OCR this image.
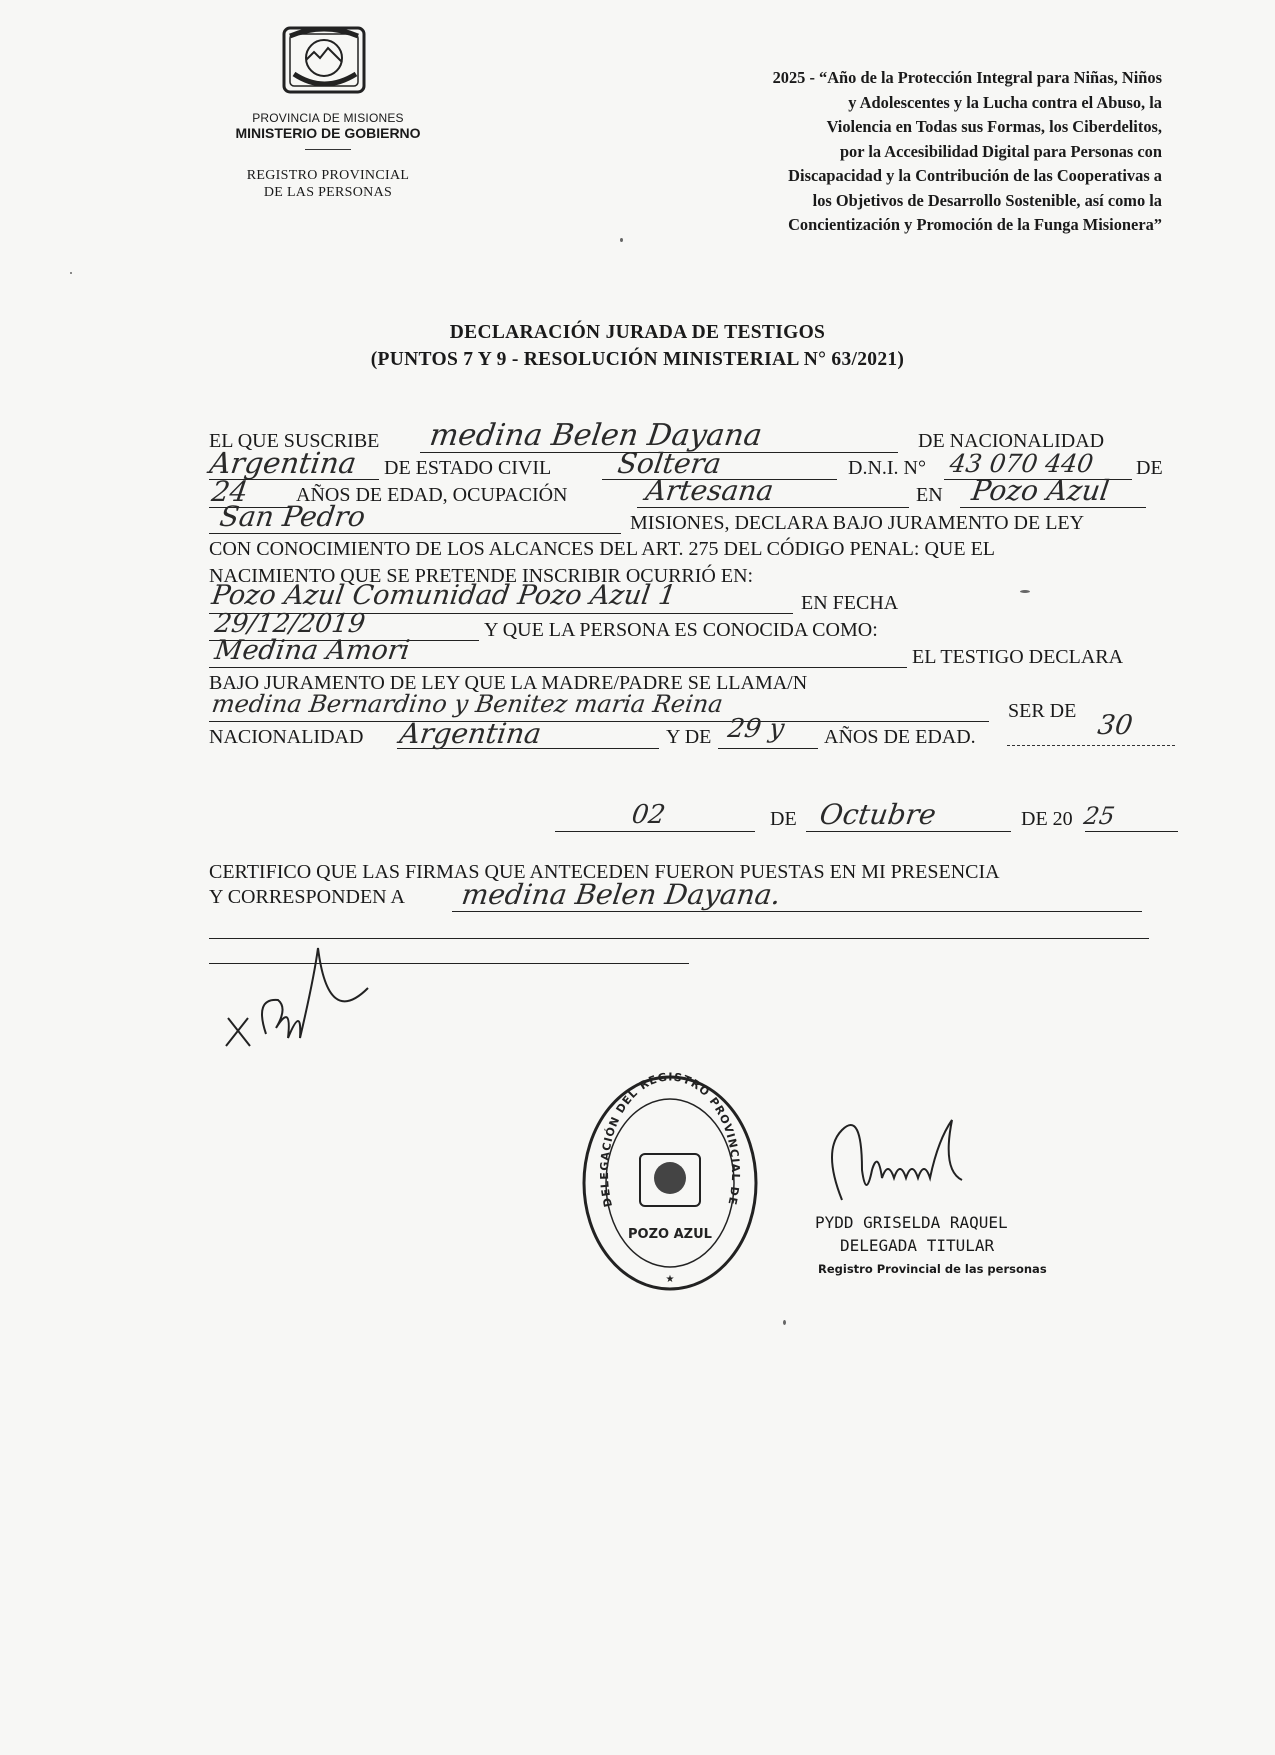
PROVINCIA DE MISIONES
MINISTERIO DE GOBIERNO
REGISTRO PROVINCIAL
DE LAS PERSONAS
2025 - “Año de la Protección Integral para Niñas, Niños
y Adolescentes y la Lucha contra el Abuso, la
Violencia en Todas sus Formas, los Ciberdelitos,
por la Accesibilidad Digital para Personas con
Discapacidad y la Contribución de las Cooperativas a
los Objetivos de Desarrollo Sostenible, así como la
Concientización y Promoción de la Funga Misionera”
DECLARACIÓN JURADA DE TESTIGOS
(PUNTOS 7 Y 9 - RESOLUCIÓN MINISTERIAL N° 63/2021)
EL QUE SUSCRIBE medina Belen Dayana	DE NACIONALIDAD
Argentina DE ESTADO CIVIL Soltera	D.N.I. N° 43 070 440 DE
24 AÑOS DE EDAD, OCUPACIÓN	Artesana	EN Pozo Azul
San Pedro	MISIONES, DECLARA BAJO JURAMENTO DE LEY
CON CONOCIMIENTO DE LOS ALCANCES DEL ART. 275 DEL CÓDIGO PENAL: QUE EL
NACIMIENTO QUE SE PRETENDE INSCRIBIR OCURRIÓ EN:
Pozo Azul Comunidad Pozo Azul 1	EN FECHA
29/12/2019	Y QUE LA PERSONA ES CONOCIDA COMO:
Medina Amori	EL TESTIGO DECLARA
BAJO JURAMENTO DE LEY QUE LA MADRE/PADRE SE LLAMA/N
medina Bernardino y Benitez maria Reina	SER DE
NACIONALIDAD Argentina	Y DE 29 y AÑOS DE EDAD.	30
02	DE Octubre	DE 20 25
CERTIFICO QUE LAS FIRMAS QUE ANTECEDEN FUERON PUESTAS EN MI PRESENCIA
Y CORRESPONDEN A medina Belen Dayana.
DELEGACIÓN DEL REGISTRO PROVINCIAL DE
POZO AZUL
★
PYDD GRISELDA RAQUEL
DELEGADA TITULAR
Registro Provincial de las personas
